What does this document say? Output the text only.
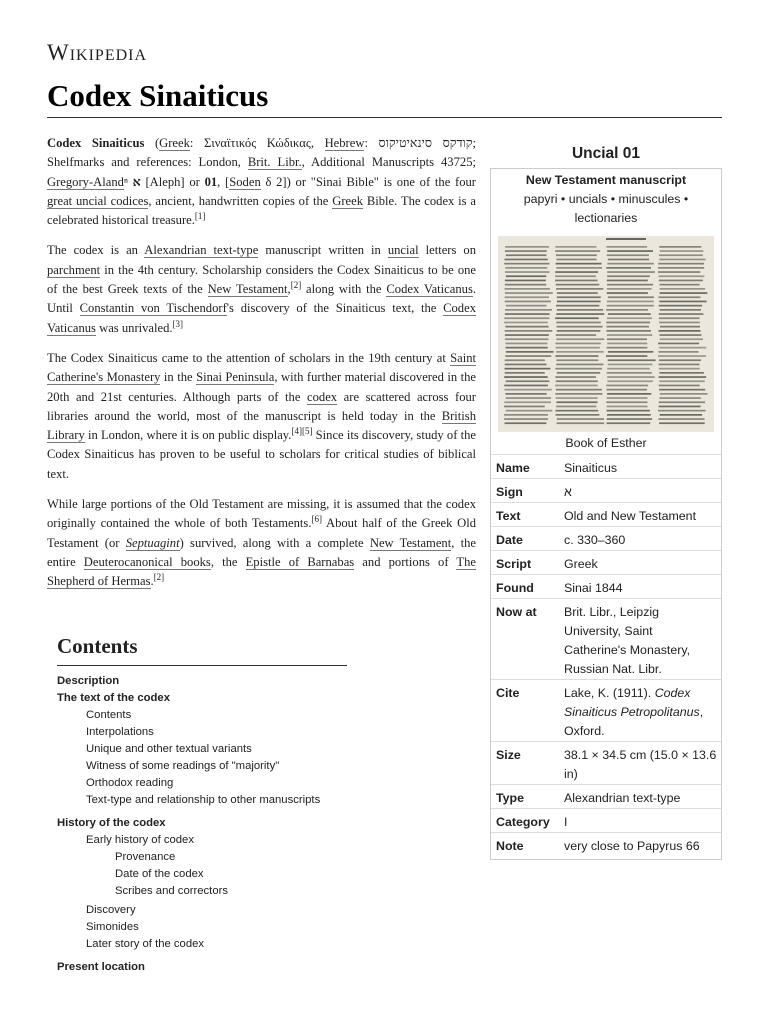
Wikipedia
Codex Sinaiticus

Codex Sinaiticus (Greek: Σιναϊτικός Κώδικας, Hebrew: קודקס סינאיטיקוס; Shelfmarks and references: London, Brit. Libr., Additional Manuscripts 43725; Gregory-Alandⁿ א [Aleph] or 01, [Soden δ 2]) or "Sinai Bible" is one of the four great uncial codices, ancient, handwritten copies of the Greek Bible. The codex is a celebrated historical treasure.[1]

The codex is an Alexandrian text-type manuscript written in uncial letters on parchment in the 4th century. Scholarship considers the Codex Sinaiticus to be one of the best Greek texts of the New Testament,[2] along with the Codex Vaticanus. Until Constantin von Tischendorf's discovery of the Sinaiticus text, the Codex Vaticanus was unrivaled.[3]

The Codex Sinaiticus came to the attention of scholars in the 19th century at Saint Catherine's Monastery in the Sinai Peninsula, with further material discovered in the 20th and 21st centuries. Although parts of the codex are scattered across four libraries around the world, most of the manuscript is held today in the British Library in London, where it is on public display.[4][5] Since its discovery, study of the Codex Sinaiticus has proven to be useful to scholars for critical studies of biblical text.

While large portions of the Old Testament are missing, it is assumed that the codex originally contained the whole of both Testaments.[6] About half of the Greek Old Testament (or Septuagint) survived, along with a complete New Testament, the entire Deuterocanonical books, the Epistle of Barnabas and portions of The Shepherd of Hermas.[2]

Contents
Description
The text of the codex
Contents
Interpolations
Unique and other textual variants
Witness of some readings of "majority"
Orthodox reading
Text-type and relationship to other manuscripts
History of the codex
Early history of codex
Provenance
Date of the codex
Scribes and correctors
Discovery
Simonides
Later story of the codex
Present location
Uncial 01
New Testament manuscript
papyri • uncials • minuscules • lectionaries
Book of Esther
Name	Sinaiticus
Sign	א
Text	Old and New Testament
Date	c. 330–360
Script	Greek
Found	Sinai 1844
Now at	Brit. Libr., Leipzig University, Saint Catherine's Monastery, Russian Nat. Libr.
Cite	Lake, K. (1911). Codex Sinaiticus Petropolitanus, Oxford.
Size	38.1 × 34.5 cm (15.0 × 13.6 in)
Type	Alexandrian text-type
Category	I
Note	very close to Papyrus 66
